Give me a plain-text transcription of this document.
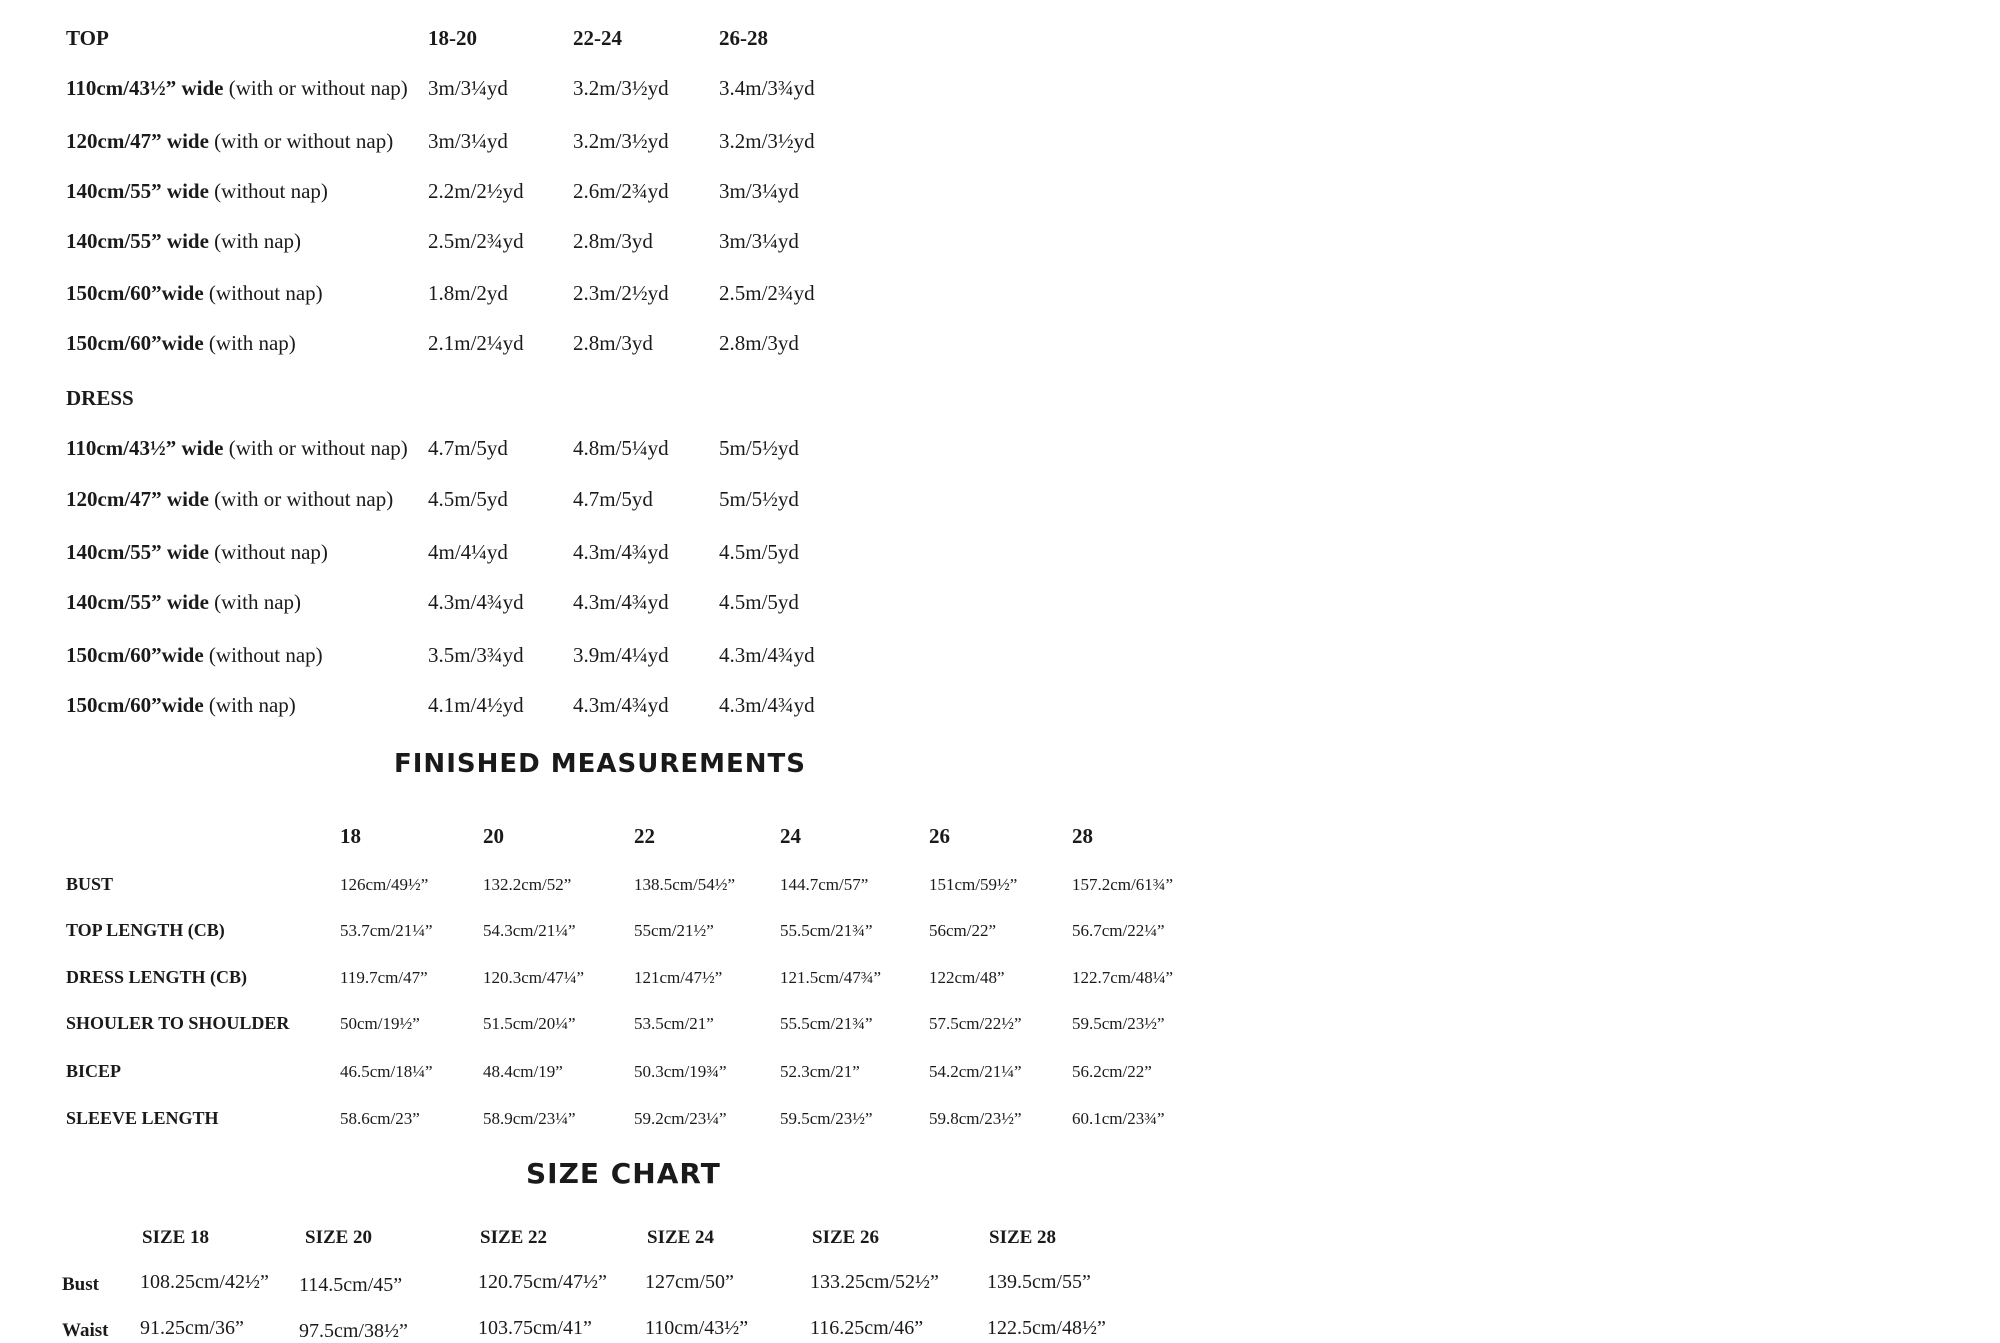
TOP	18-20	22-24	26-28
110cm/43½” wide (with or without nap) 3m/3¼yd	3.2m/3½yd 3.4m/3¾yd
120cm/47” wide (with or without nap) 3m/3¼yd	3.2m/3½yd 3.2m/3½yd
140cm/55” wide (without nap)	2.2m/2½yd 2.6m/2¾yd 3m/3¼yd
140cm/55” wide (with nap)	2.5m/2¾yd 2.8m/3yd	3m/3¼yd
150cm/60”wide (without nap)	1.8m/2yd	2.3m/2½yd 2.5m/2¾yd
150cm/60”wide (with nap)	2.1m/2¼yd 2.8m/3yd	2.8m/3yd
DRESS
110cm/43½” wide (with or without nap) 4.7m/5yd	4.8m/5¼yd 5m/5½yd
120cm/47” wide (with or without nap) 4.5m/5yd	4.7m/5yd	5m/5½yd
140cm/55” wide (without nap)	4m/4¼yd	4.3m/4¾yd 4.5m/5yd
140cm/55” wide (with nap)	4.3m/4¾yd 4.3m/4¾yd 4.5m/5yd
150cm/60”wide (without nap)	3.5m/3¾yd 3.9m/4¼yd 4.3m/4¾yd
150cm/60”wide (with nap)	4.1m/4½yd 4.3m/4¾yd 4.3m/4¾yd
FINISHED MEASUREMENTS
18	20	22	24	26	28
BUST	126cm/49½”	132.2cm/52”	138.5cm/54½”	144.7cm/57”	151cm/59½”	157.2cm/61¾”
TOP LENGTH (CB)	53.7cm/21¼”	54.3cm/21¼”	55cm/21½”	55.5cm/21¾”	56cm/22”	56.7cm/22¼”
DRESS LENGTH (CB)	119.7cm/47”	120.3cm/47¼”	121cm/47½”	121.5cm/47¾”	122cm/48”	122.7cm/48¼”
SHOULER TO SHOULDER	50cm/19½”	51.5cm/20¼”	53.5cm/21”	55.5cm/21¾”	57.5cm/22½”	59.5cm/23½”
BICEP	46.5cm/18¼”	48.4cm/19”	50.3cm/19¾”	52.3cm/21”	54.2cm/21¼”	56.2cm/22”
SLEEVE LENGTH	58.6cm/23”	58.9cm/23¼”	59.2cm/23¼”	59.5cm/23½”	59.8cm/23½”	60.1cm/23¾”
SIZE CHART
SIZE 18	SIZE 20	SIZE 22	SIZE 24	SIZE 26	SIZE 28
Bust 108.25cm/42½” 114.5cm/45”	120.75cm/47½” 127cm/50”	133.25cm/52½” 139.5cm/55”
Waist 91.25cm/36”	97.5cm/38½”	103.75cm/41”	110cm/43½”	116.25cm/46”	122.5cm/48½”
